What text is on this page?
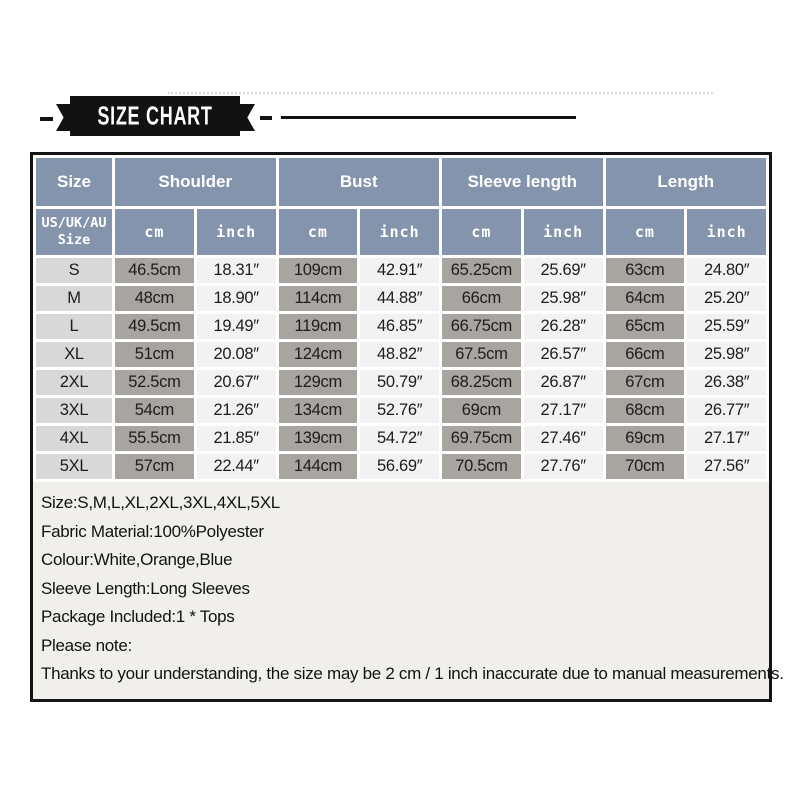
SIZE CHART
Size	Shoulder		Bust		Sleeve length		Length	
US/UK/AU Size	cm	inch	cm	inch	cm	inch	cm	inch
S	46.5cm	18.31″	109cm	42.91″	65.25cm	25.69″	63cm	24.80″
M	48cm	18.90″	114cm	44.88″	66cm	25.98″	64cm	25.20″
L	49.5cm	19.49″	119cm	46.85″	66.75cm	26.28″	65cm	25.59″
XL	51cm	20.08″	124cm	48.82″	67.5cm	26.57″	66cm	25.98″
2XL	52.5cm	20.67″	129cm	50.79″	68.25cm	26.87″	67cm	26.38″
3XL	54cm	21.26″	134cm	52.76″	69cm	27.17″	68cm	26.77″
4XL	55.5cm	21.85″	139cm	54.72″	69.75cm	27.46″	69cm	27.17″
5XL	57cm	22.44″	144cm	56.69″	70.5cm	27.76″	70cm	27.56″
Size:S,M,L,XL,2XL,3XL,4XL,5XL
Fabric Material:100%Polyester
Colour:White,Orange,Blue
Sleeve Length:Long Sleeves
Package Included:1 * Tops
Please note:
Thanks to your understanding, the size may be 2 cm / 1 inch inaccurate due to manual measurements.
